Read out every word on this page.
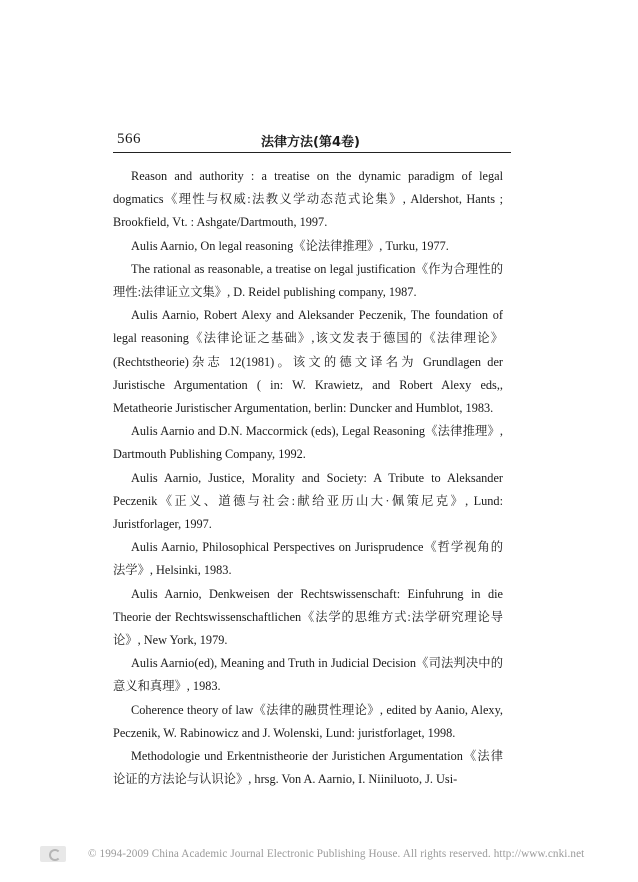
566	法律方法(第4卷)

Reason and authority : a treatise on the dynamic paradigm of legal dogmatics《理性与权威:法教义学动态范式论集》, Aldershot, Hants ; Brookfield, Vt. : Ashgate/Dartmouth, 1997.

Aulis Aarnio, On legal reasoning《论法律推理》, Turku, 1977.

The rational as reasonable, a treatise on legal justification《作为合理性的理性:法律证立文集》, D. Reidel publishing company, 1987.

Aulis Aarnio, Robert Alexy and Aleksander Peczenik, The foundation of legal reasoning《法律论证之基础》,该文发表于德国的《法律理论》(Rechtstheorie)杂志 12(1981)。该文的德文译名为 Grundlagen der Juristische Argumentation ( in: W. Krawietz, and Robert Alexy eds,, Metatheorie Juristischer Argumentation, berlin: Duncker and Humblot, 1983.

Aulis Aarnio and D.N. Maccormick (eds), Legal Reasoning《法律推理》, Dartmouth Publishing Company, 1992.

Aulis Aarnio, Justice, Morality and Society: A Tribute to Aleksander Peczenik《正义、道德与社会:献给亚历山大·佩策尼克》, Lund: Juristforlager, 1997.

Aulis Aarnio, Philosophical Perspectives on Jurisprudence《哲学视角的法学》, Helsinki, 1983.

Aulis Aarnio, Denkweisen der Rechtswissenschaft: Einfuhrung in die Theorie der Rechtswissenschaftlichen《法学的思维方式:法学研究理论导论》, New York, 1979.

Aulis Aarnio(ed), Meaning and Truth in Judicial Decision《司法判决中的意义和真理》, 1983.

Coherence theory of law《法律的融贯性理论》, edited by Aanio, Alexy, Peczenik, W. Rabinowicz and J. Wolenski, Lund: juristforlaget, 1998.

Methodologie und Erkentnistheorie der Juristichen Argumentation《法律论证的方法论与认识论》, hrsg. Von A. Aarnio, I. Niiniluoto, J. Usi-

© 1994-2009 China Academic Journal Electronic Publishing House. All rights reserved. http://www.cnki.net
